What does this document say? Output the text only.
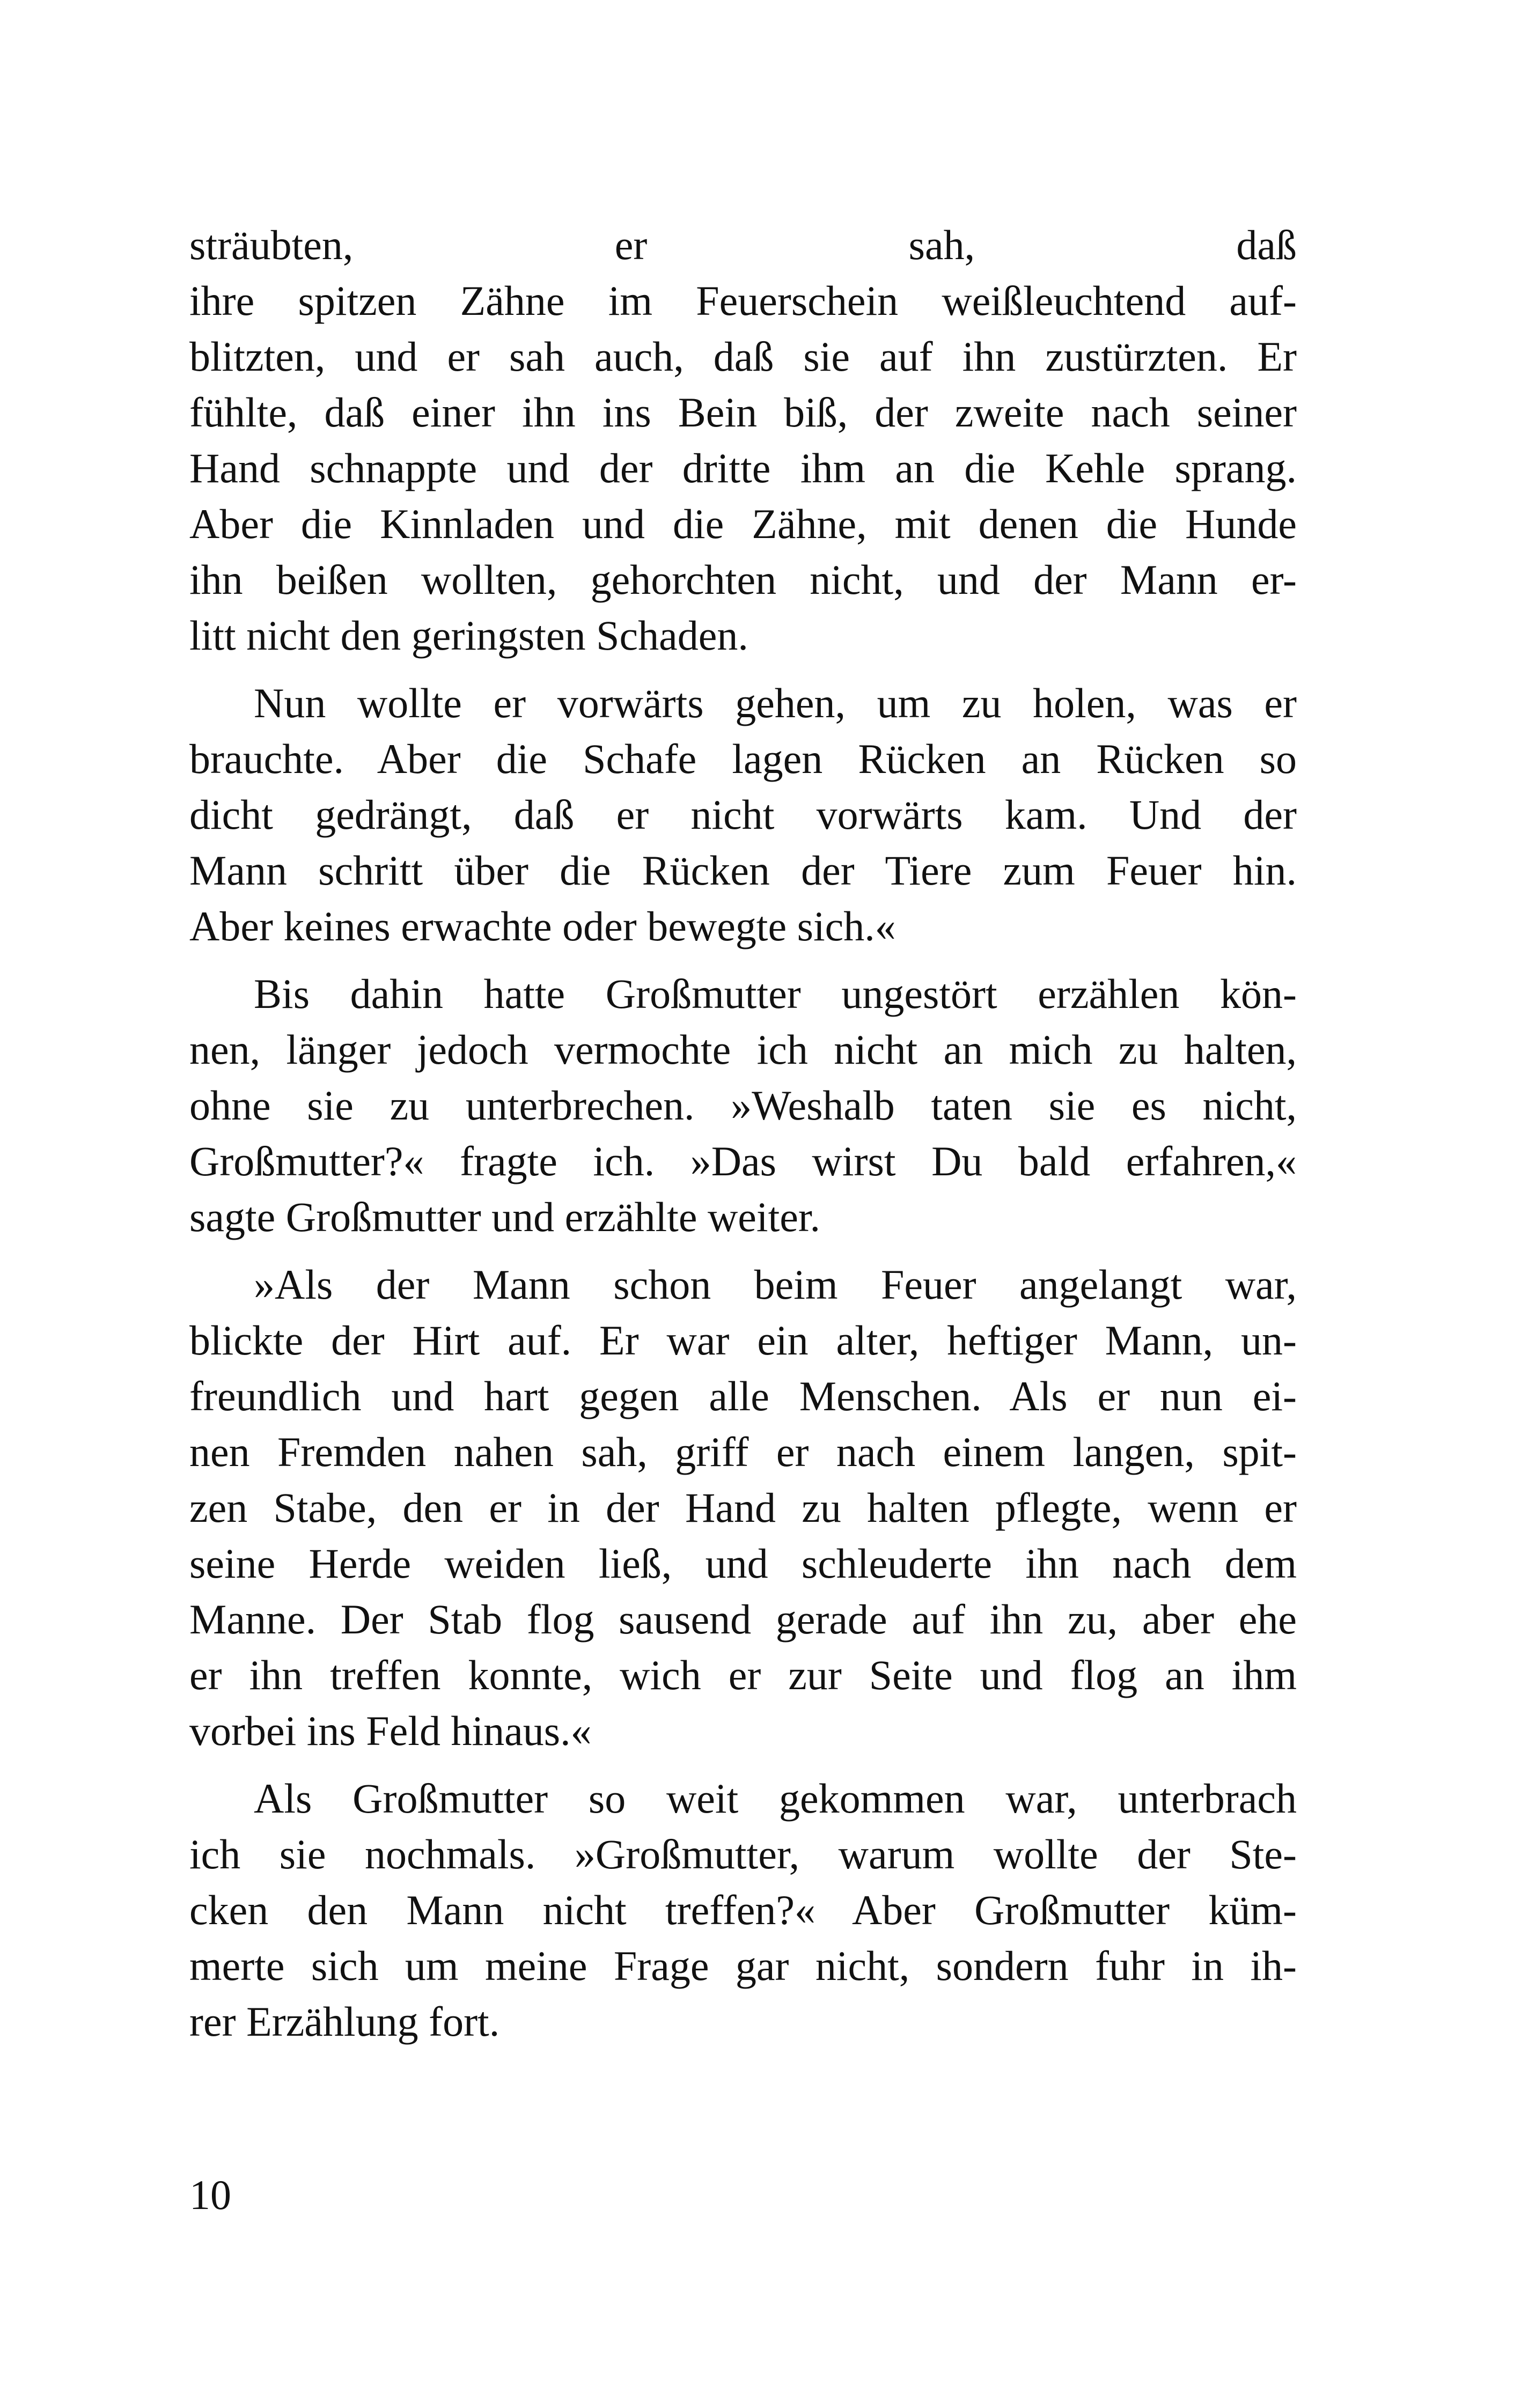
sträubten, er sah, daß
ihre spitzen Zähne im Feuerschein weißleuchtend auf-
blitzten, und er sah auch, daß sie auf ihn zustürzten. Er
fühlte, daß einer ihn ins Bein biß, der zweite nach seiner
Hand schnappte und der dritte ihm an die Kehle sprang.
Aber die Kinnladen und die Zähne, mit denen die Hunde
ihn beißen wollten, gehorchten nicht, und der Mann er-
litt nicht den geringsten Schaden.
Nun wollte er vorwärts gehen, um zu holen, was er
brauchte. Aber die Schafe lagen Rücken an Rücken so
dicht gedrängt, daß er nicht vorwärts kam. Und der
Mann schritt über die Rücken der Tiere zum Feuer hin.
Aber keines erwachte oder bewegte sich.«
Bis dahin hatte Großmutter ungestört erzählen kön-
nen, länger jedoch vermochte ich nicht an mich zu halten,
ohne sie zu unterbrechen. »Weshalb taten sie es nicht,
Großmutter?« fragte ich. »Das wirst Du bald erfahren,«
sagte Großmutter und erzählte weiter.
»Als der Mann schon beim Feuer angelangt war,
blickte der Hirt auf. Er war ein alter, heftiger Mann, un-
freundlich und hart gegen alle Menschen. Als er nun ei-
nen Fremden nahen sah, griff er nach einem langen, spit-
zen Stabe, den er in der Hand zu halten pflegte, wenn er
seine Herde weiden ließ, und schleuderte ihn nach dem
Manne. Der Stab flog sausend gerade auf ihn zu, aber ehe
er ihn treffen konnte, wich er zur Seite und flog an ihm
vorbei ins Feld hinaus.«
Als Großmutter so weit gekommen war, unterbrach
ich sie nochmals. »Großmutter, warum wollte der Ste-
cken den Mann nicht treffen?« Aber Großmutter küm-
merte sich um meine Frage gar nicht, sondern fuhr in ih-
rer Erzählung fort.
10
